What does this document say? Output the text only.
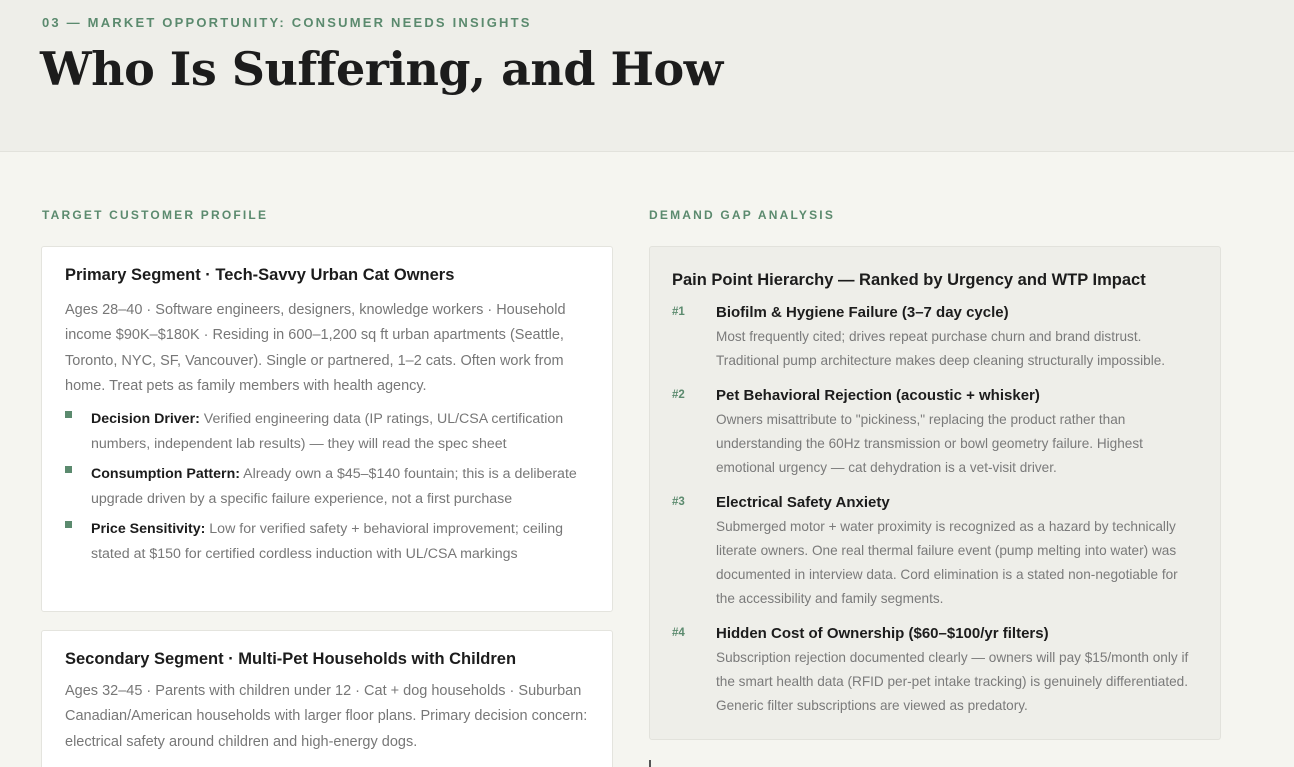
03 — MARKET OPPORTUNITY: CONSUMER NEEDS INSIGHTS
Who Is Suffering, and How
TARGET CUSTOMER PROFILE	DEMAND GAP ANALYSIS
Primary Segment · Tech-Savvy Urban Cat Owners

Ages 28–40 · Software engineers, designers, knowledge workers · Household income $90K–$180K · Residing in 600–1,200 sq ft urban apartments (Seattle, Toronto, NYC, SF, Vancouver). Single or partnered, 1–2 cats. Often work from home. Treat pets as family members with health agency.

Decision Driver: Verified engineering data (IP ratings, UL/CSA certification numbers, independent lab results) — they will read the spec sheet
Consumption Pattern: Already own a $45–$140 fountain; this is a deliberate upgrade driven by a specific failure experience, not a first purchase
Price Sensitivity: Low for verified safety + behavioral improvement; ceiling stated at $150 for certified cordless induction with UL/CSA markings
Secondary Segment · Multi-Pet Households with Children

Ages 32–45 · Parents with children under 12 · Cat + dog households · Suburban Canadian/American households with larger floor plans. Primary decision concern: electrical safety around children and high-energy dogs.

Pain Point Hierarchy — Ranked by Urgency and WTP Impact
#1 Biofilm & Hygiene Failure (3–7 day cycle)

Most frequently cited; drives repeat purchase churn and brand distrust. Traditional pump architecture makes deep cleaning structurally impossible.

#2 Pet Behavioral Rejection (acoustic + whisker)

Owners misattribute to "pickiness," replacing the product rather than understanding the 60Hz transmission or bowl geometry failure. Highest emotional urgency — cat dehydration is a vet-visit driver.

#3 Electrical Safety Anxiety

Submerged motor + water proximity is recognized as a hazard by technically literate owners. One real thermal failure event (pump melting into water) was documented in interview data. Cord elimination is a stated non-negotiable for the accessibility and family segments.

#4 Hidden Cost of Ownership ($60–$100/yr filters)

Subscription rejection documented clearly — owners will pay $15/month only if the smart health data (RFID per-pet intake tracking) is genuinely differentiated. Generic filter subscriptions are viewed as predatory.
